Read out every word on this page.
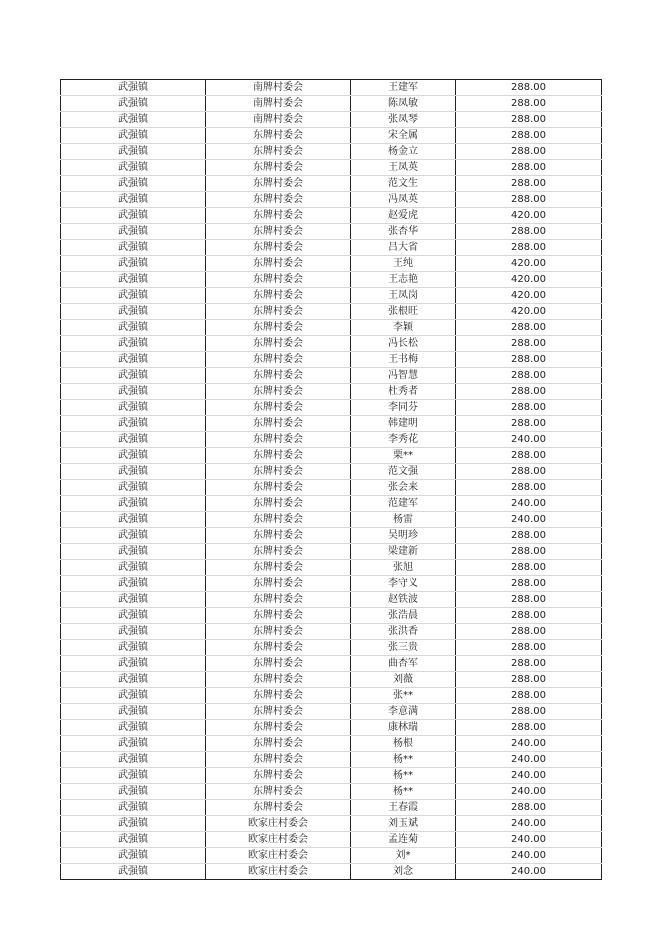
武强镇	南牌村委会	王建军	288.00
武强镇	南牌村委会	陈凤敏	288.00
武强镇	南牌村委会	张凤琴	288.00
武强镇	东牌村委会	宋全属	288.00
武强镇	东牌村委会	杨金立	288.00
武强镇	东牌村委会	王凤英	288.00
武强镇	东牌村委会	范文生	288.00
武强镇	东牌村委会	冯凤英	288.00
武强镇	东牌村委会	赵爱虎	420.00
武强镇	东牌村委会	张杏华	288.00
武强镇	东牌村委会	吕大省	288.00
武强镇	东牌村委会	王纯	420.00
武强镇	东牌村委会	王志艳	420.00
武强镇	东牌村委会	王凤岗	420.00
武强镇	东牌村委会	张根旺	420.00
武强镇	东牌村委会	李颖	288.00
武强镇	东牌村委会	冯长松	288.00
武强镇	东牌村委会	王书梅	288.00
武强镇	东牌村委会	冯智慧	288.00
武强镇	东牌村委会	杜秀者	288.00
武强镇	东牌村委会	李同芬	288.00
武强镇	东牌村委会	韩建明	288.00
武强镇	东牌村委会	李秀花	240.00
武强镇	东牌村委会	栗**	288.00
武强镇	东牌村委会	范文强	288.00
武强镇	东牌村委会	张会来	288.00
武强镇	东牌村委会	范建军	240.00
武强镇	东牌村委会	杨雷	240.00
武强镇	东牌村委会	吴明珍	288.00
武强镇	东牌村委会	梁建新	288.00
武强镇	东牌村委会	张旭	288.00
武强镇	东牌村委会	李守义	288.00
武强镇	东牌村委会	赵铁波	288.00
武强镇	东牌村委会	张浩晨	288.00
武强镇	东牌村委会	张洪香	288.00
武强镇	东牌村委会	张三贵	288.00
武强镇	东牌村委会	曲杏军	288.00
武强镇	东牌村委会	刘薇	288.00
武强镇	东牌村委会	张**	288.00
武强镇	东牌村委会	李意满	288.00
武强镇	东牌村委会	康林瑞	288.00
武强镇	东牌村委会	杨根	240.00
武强镇	东牌村委会	杨**	240.00
武强镇	东牌村委会	杨**	240.00
武强镇	东牌村委会	杨**	240.00
武强镇	东牌村委会	王春霞	288.00
武强镇	欧家庄村委会	刘玉斌	240.00
武强镇	欧家庄村委会	孟连菊	240.00
武强镇	欧家庄村委会	刘*	240.00
武强镇	欧家庄村委会	刘念	240.00
